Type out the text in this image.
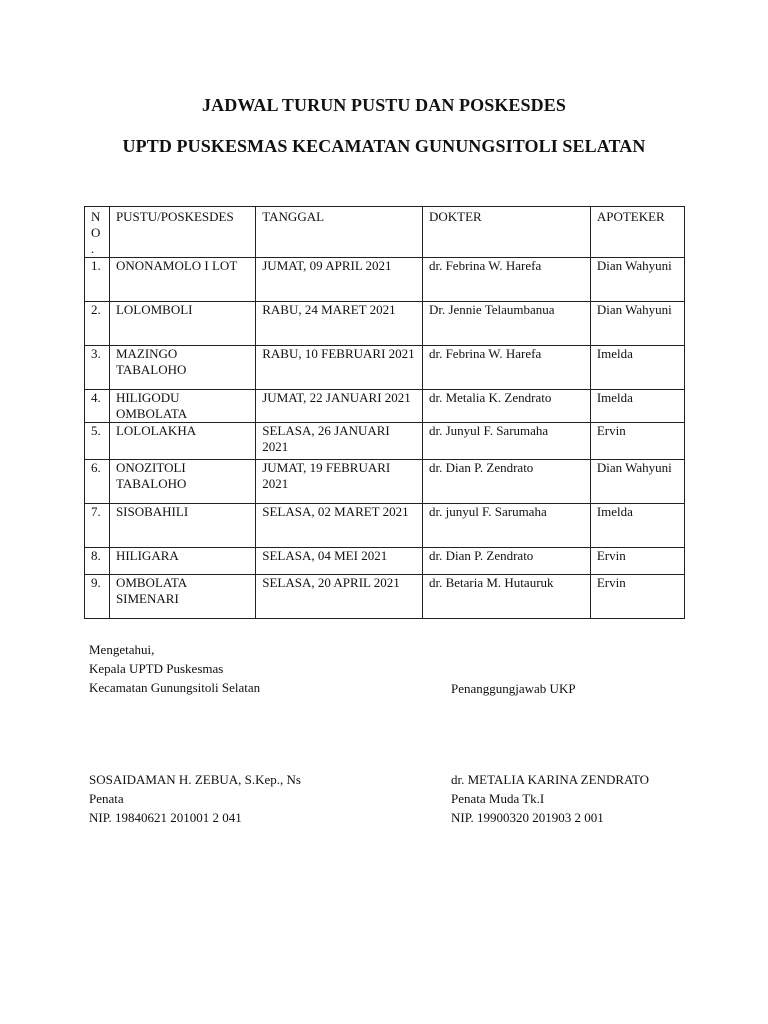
JADWAL TURUN PUSTU DAN POSKESDES
UPTD PUSKESMAS KECAMATAN GUNUNGSITOLI SELATAN
NO .	PUSTU/POSKESDES	TANGGAL	DOKTER	APOTEKER
1.	ONONAMOLO I LOT	JUMAT, 09 APRIL 2021	dr. Febrina W. Harefa	Dian Wahyuni
2.	LOLOMBOLI	RABU, 24 MARET 2021	Dr. Jennie Telaumbanua	Dian Wahyuni
3.	MAZINGO TABALOHO	RABU, 10 FEBRUARI 2021	dr. Febrina W. Harefa	Imelda
4.	HILIGODU OMBOLATA	JUMAT, 22 JANUARI 2021	dr. Metalia K. Zendrato	Imelda
5.	LOLOLAKHA	SELASA, 26 JANUARI 2021	dr. Junyul F. Sarumaha	Ervin
6.	ONOZITOLI TABALOHO	JUMAT, 19 FEBRUARI 2021	dr. Dian P. Zendrato	Dian Wahyuni
7.	SISOBAHILI	SELASA, 02 MARET 2021	dr. junyul F. Sarumaha	Imelda
8.	HILIGARA	SELASA, 04 MEI 2021	dr. Dian P. Zendrato	Ervin
9.	OMBOLATA SIMENARI	SELASA, 20 APRIL 2021	dr. Betaria M. Hutauruk	Ervin
Mengetahui,
Kepala UPTD Puskesmas
Kecamatan Gunungsitoli Selatan	Penanggungjawab UKP
SOSAIDAMAN H. ZEBUA, S.Kep., Ns
Penata
NIP. 19840621 201001 2 041
dr. METALIA KARINA ZENDRATO
Penata Muda Tk.I
NIP. 19900320 201903 2 001
